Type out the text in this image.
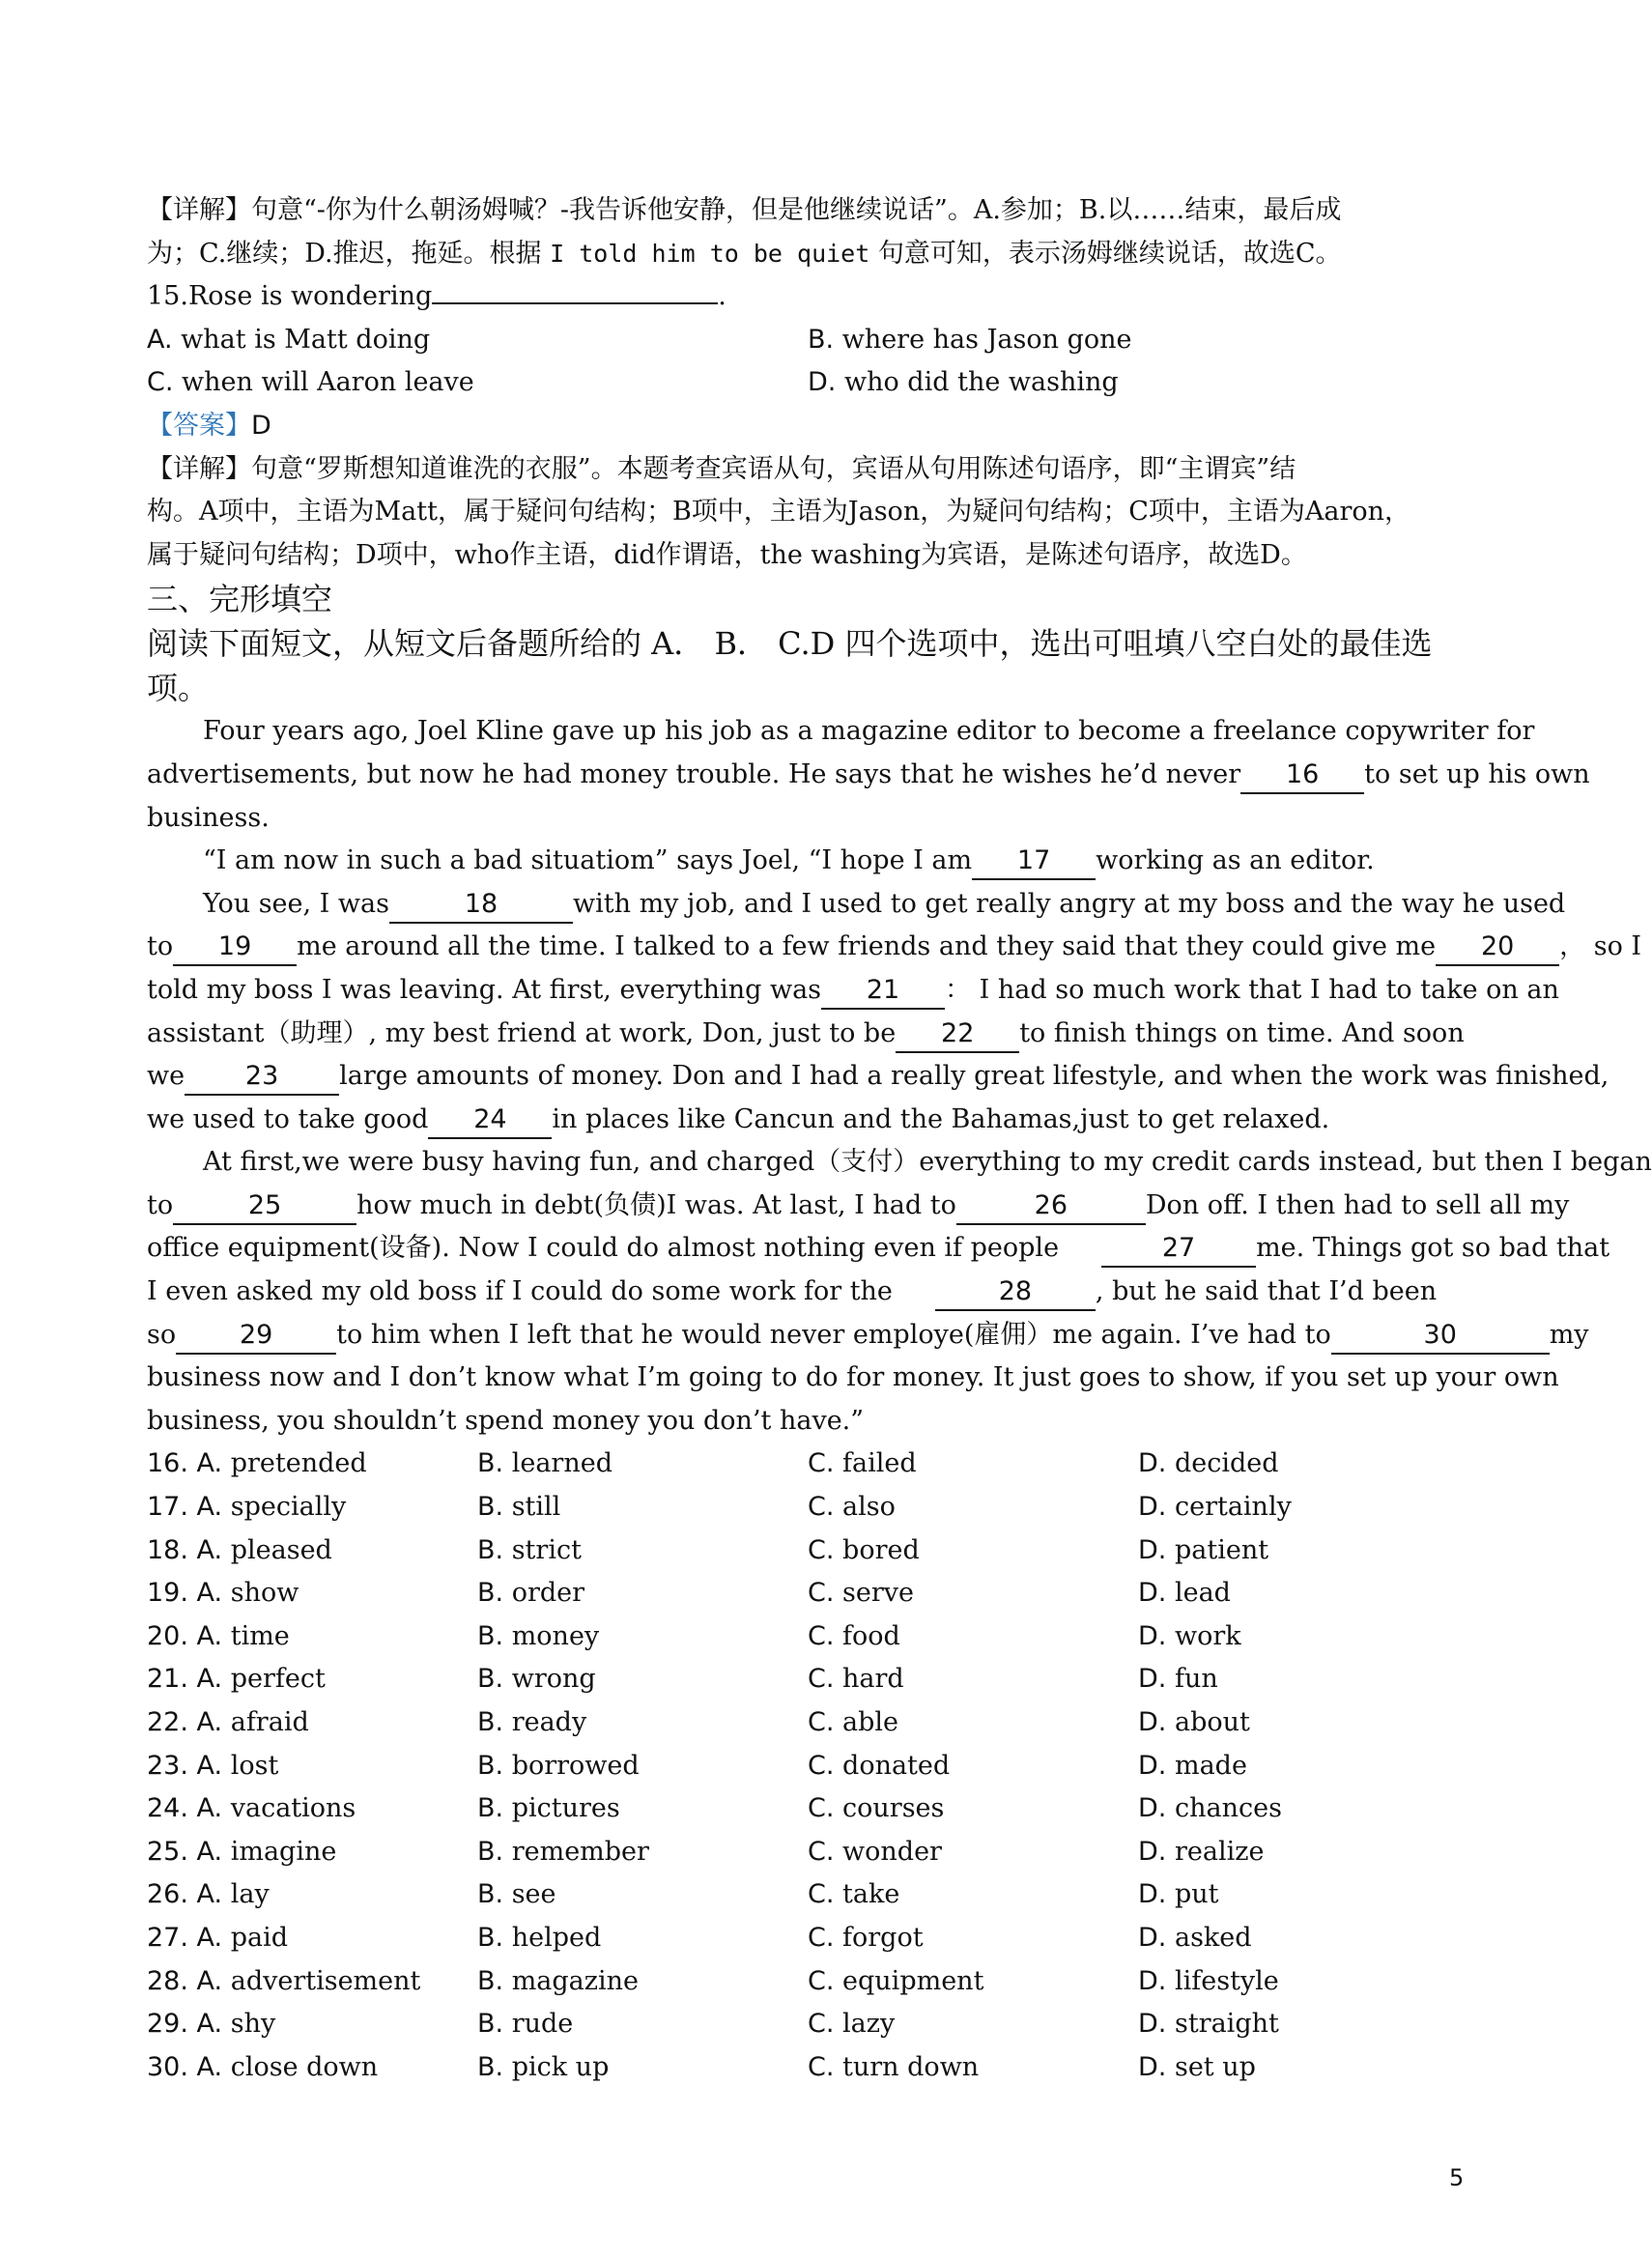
【详解】句意“-你为什么朝汤姆喊？-我告诉他安静，但是他继续说话”。A.参加；B.以……结束，最后成
为；C.继续；D.推迟，拖延。根据 I told him to be quiet 句意可知，表示汤姆继续说话，故选C。
15.Rose is wondering	.
A. what is Matt doing	B. where has Jason gone
C. when will Aaron leave	D. who did the washing
【答案】D
【详解】句意“罗斯想知道谁洗的衣服”。本题考查宾语从句，宾语从句用陈述句语序，即“主谓宾”结
构。A项中，主语为Matt，属于疑问句结构；B项中，主语为Jason，为疑问句结构；C项中，主语为Aaron，
属于疑问句结构；D项中，who作主语，did作谓语，the washing为宾语，是陈述句语序，故选D。
三、完形填空
阅读下面短文，从短文后备题所给的 A． B． C.D 四个选项中，选出可咀填八空白处的最佳选
项。
Four years ago, Joel Kline gave up his job as a magazine editor to become a freelance copywriter for
advertisements, but now he had money trouble. He says that he wishes he’d never 16 to set up his own
business.
“I am now in such a bad situatiom” says Joel, “I hope I am 17 working as an editor.
You see, I was	18	with my job, and I used to get really angry at my boss and the way he used
to 19 me around all the time. I talked to a few friends and they said that they could give me 20 ， so I
told my boss I was leaving. At first, everything was 21 ： I had so much work that I had to take on an
assistant（助理）, my best friend at work, Don, just to be 22 to finish things on time. And soon
we 23 large amounts of money. Don and I had a really great lifestyle, and when the work was finished,
we used to take good 24 in places like Cancun and the Bahamas,just to get relaxed.
At first,we were busy having fun, and charged（支付）everything to my credit cards instead, but then I began
to	25	how much in debt(负债)I was. At last, I had to	26	Don off. I then had to sell all my
office equipment(设备). Now I could do almost nothing even if people	27 me. Things got so bad that
I even asked my old boss if I could do some work for the	28 , but he said that I’d been
so 29 to him when I left that he would never employe(雇佣）me again. I’ve had to	30	my
business now and I don’t know what I’m going to do for money. It just goes to show, if you set up your own
business, you shouldn’t spend money you don’t have.”
16. A. pretended	B. learned	C. failed	D. decided
17. A. specially	B. still	C. also	D. certainly
18. A. pleased	B. strict	C. bored	D. patient
19. A. show	B. order	C. serve	D. lead
20. A. time	B. money	C. food	D. work
21. A. perfect	B. wrong	C. hard	D. fun
22. A. afraid	B. ready	C. able	D. about
23. A. lost	B. borrowed	C. donated	D. made
24. A. vacations	B. pictures	C. courses	D. chances
25. A. imagine	B. remember	C. wonder	D. realize
26. A. lay	B. see	C. take	D. put
27. A. paid	B. helped	C. forgot	D. asked
28. A. advertisement	B. magazine	C. equipment	D. lifestyle
29. A. shy	B. rude	C. lazy	D. straight
30. A. close down	B. pick up	C. turn down	D. set up
5
